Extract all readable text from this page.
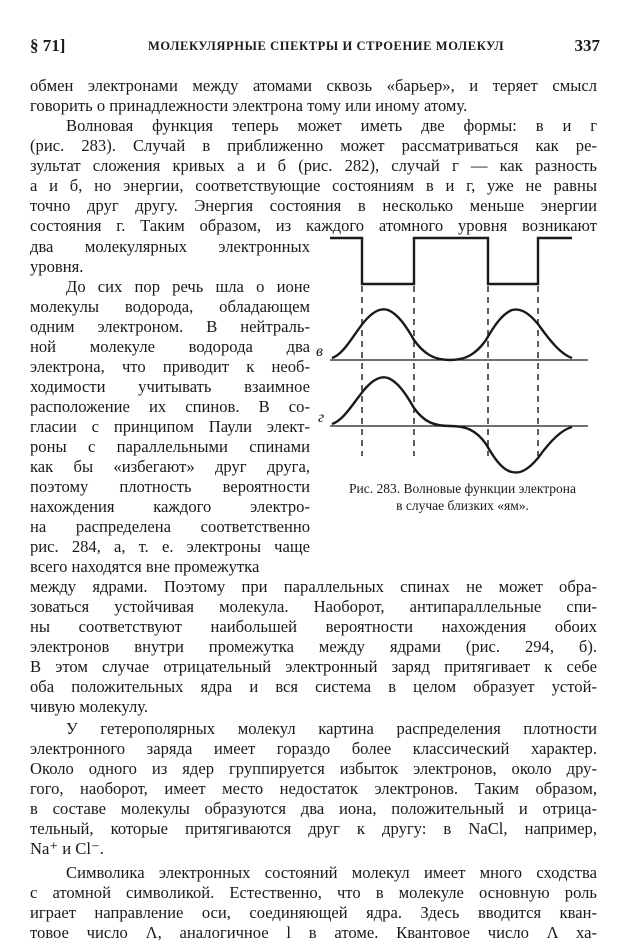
§ 71]	МОЛЕКУЛЯРНЫЕ СПЕКТРЫ И СТРОЕНИЕ МОЛЕКУЛ	337
обмен электронами между атомами сквозь «барьер», и теряет смысл
говорить о принадлежности электрона тому или иному атому.
Волновая функция теперь может иметь две формы: в и г
(рис. 283). Случай в приближенно может рассматриваться как ре-
зультат сложения кривых а и б (рис. 282), случай г — как разность
а и б, но энергии, соответствующие состояниям в и г, уже не равны
точно друг другу. Энергия состояния в несколько меньше энергии
состояния г. Таким образом, из каждого атомного уровня возникают
два молекулярных электронных
уровня.
До сих пор речь шла о ионе
молекулы водорода, обладающем
одним электроном. В нейтраль-
ной молекуле водорода два
электрона, что приводит к необ-
ходимости учитывать взаимное
расположение их спинов. В со-
гласии с принципом Паули элект-
роны с параллельными спинами
как бы «избегают» друг друга,
поэтому плотность вероятности
нахождения каждого электро-
на распределена соответственно
рис. 284, а, т. е. электроны чаще
всего находятся вне промежутка
между ядрами. Поэтому при параллельных спинах не может обра-
зоваться устойчивая молекула. Наоборот, антипараллельные спи-
ны соответствуют наибольшей вероятности нахождения обоих
электронов внутри промежутка между ядрами (рис. 294, б).
В этом случае отрицательный электронный заряд притягивает к себе
оба положительных ядра и вся система в целом образует устой-
чивую молекулу.
У гетерополярных молекул картина распределения плотности
электронного заряда имеет гораздо более классический характер.
Около одного из ядер группируется избыток электронов, около дру-
гого, наоборот, имеет место недостаток электронов. Таким образом,
в составе молекулы образуются два иона, положительный и отрица-
тельный, которые притягиваются друг к другу: в NaCl, например,
Na⁺ и Cl⁻.
Символика электронных состояний молекул имеет много сходства
с атомной символикой. Естественно, что в молекуле основную роль
играет направление оси, соединяющей ядра. Здесь вводится кван-
товое число Λ, аналогичное l в атоме. Квантовое число Λ ха-
в
г
Рис. 283. Волновые функции электрона
в случае близких «ям».
